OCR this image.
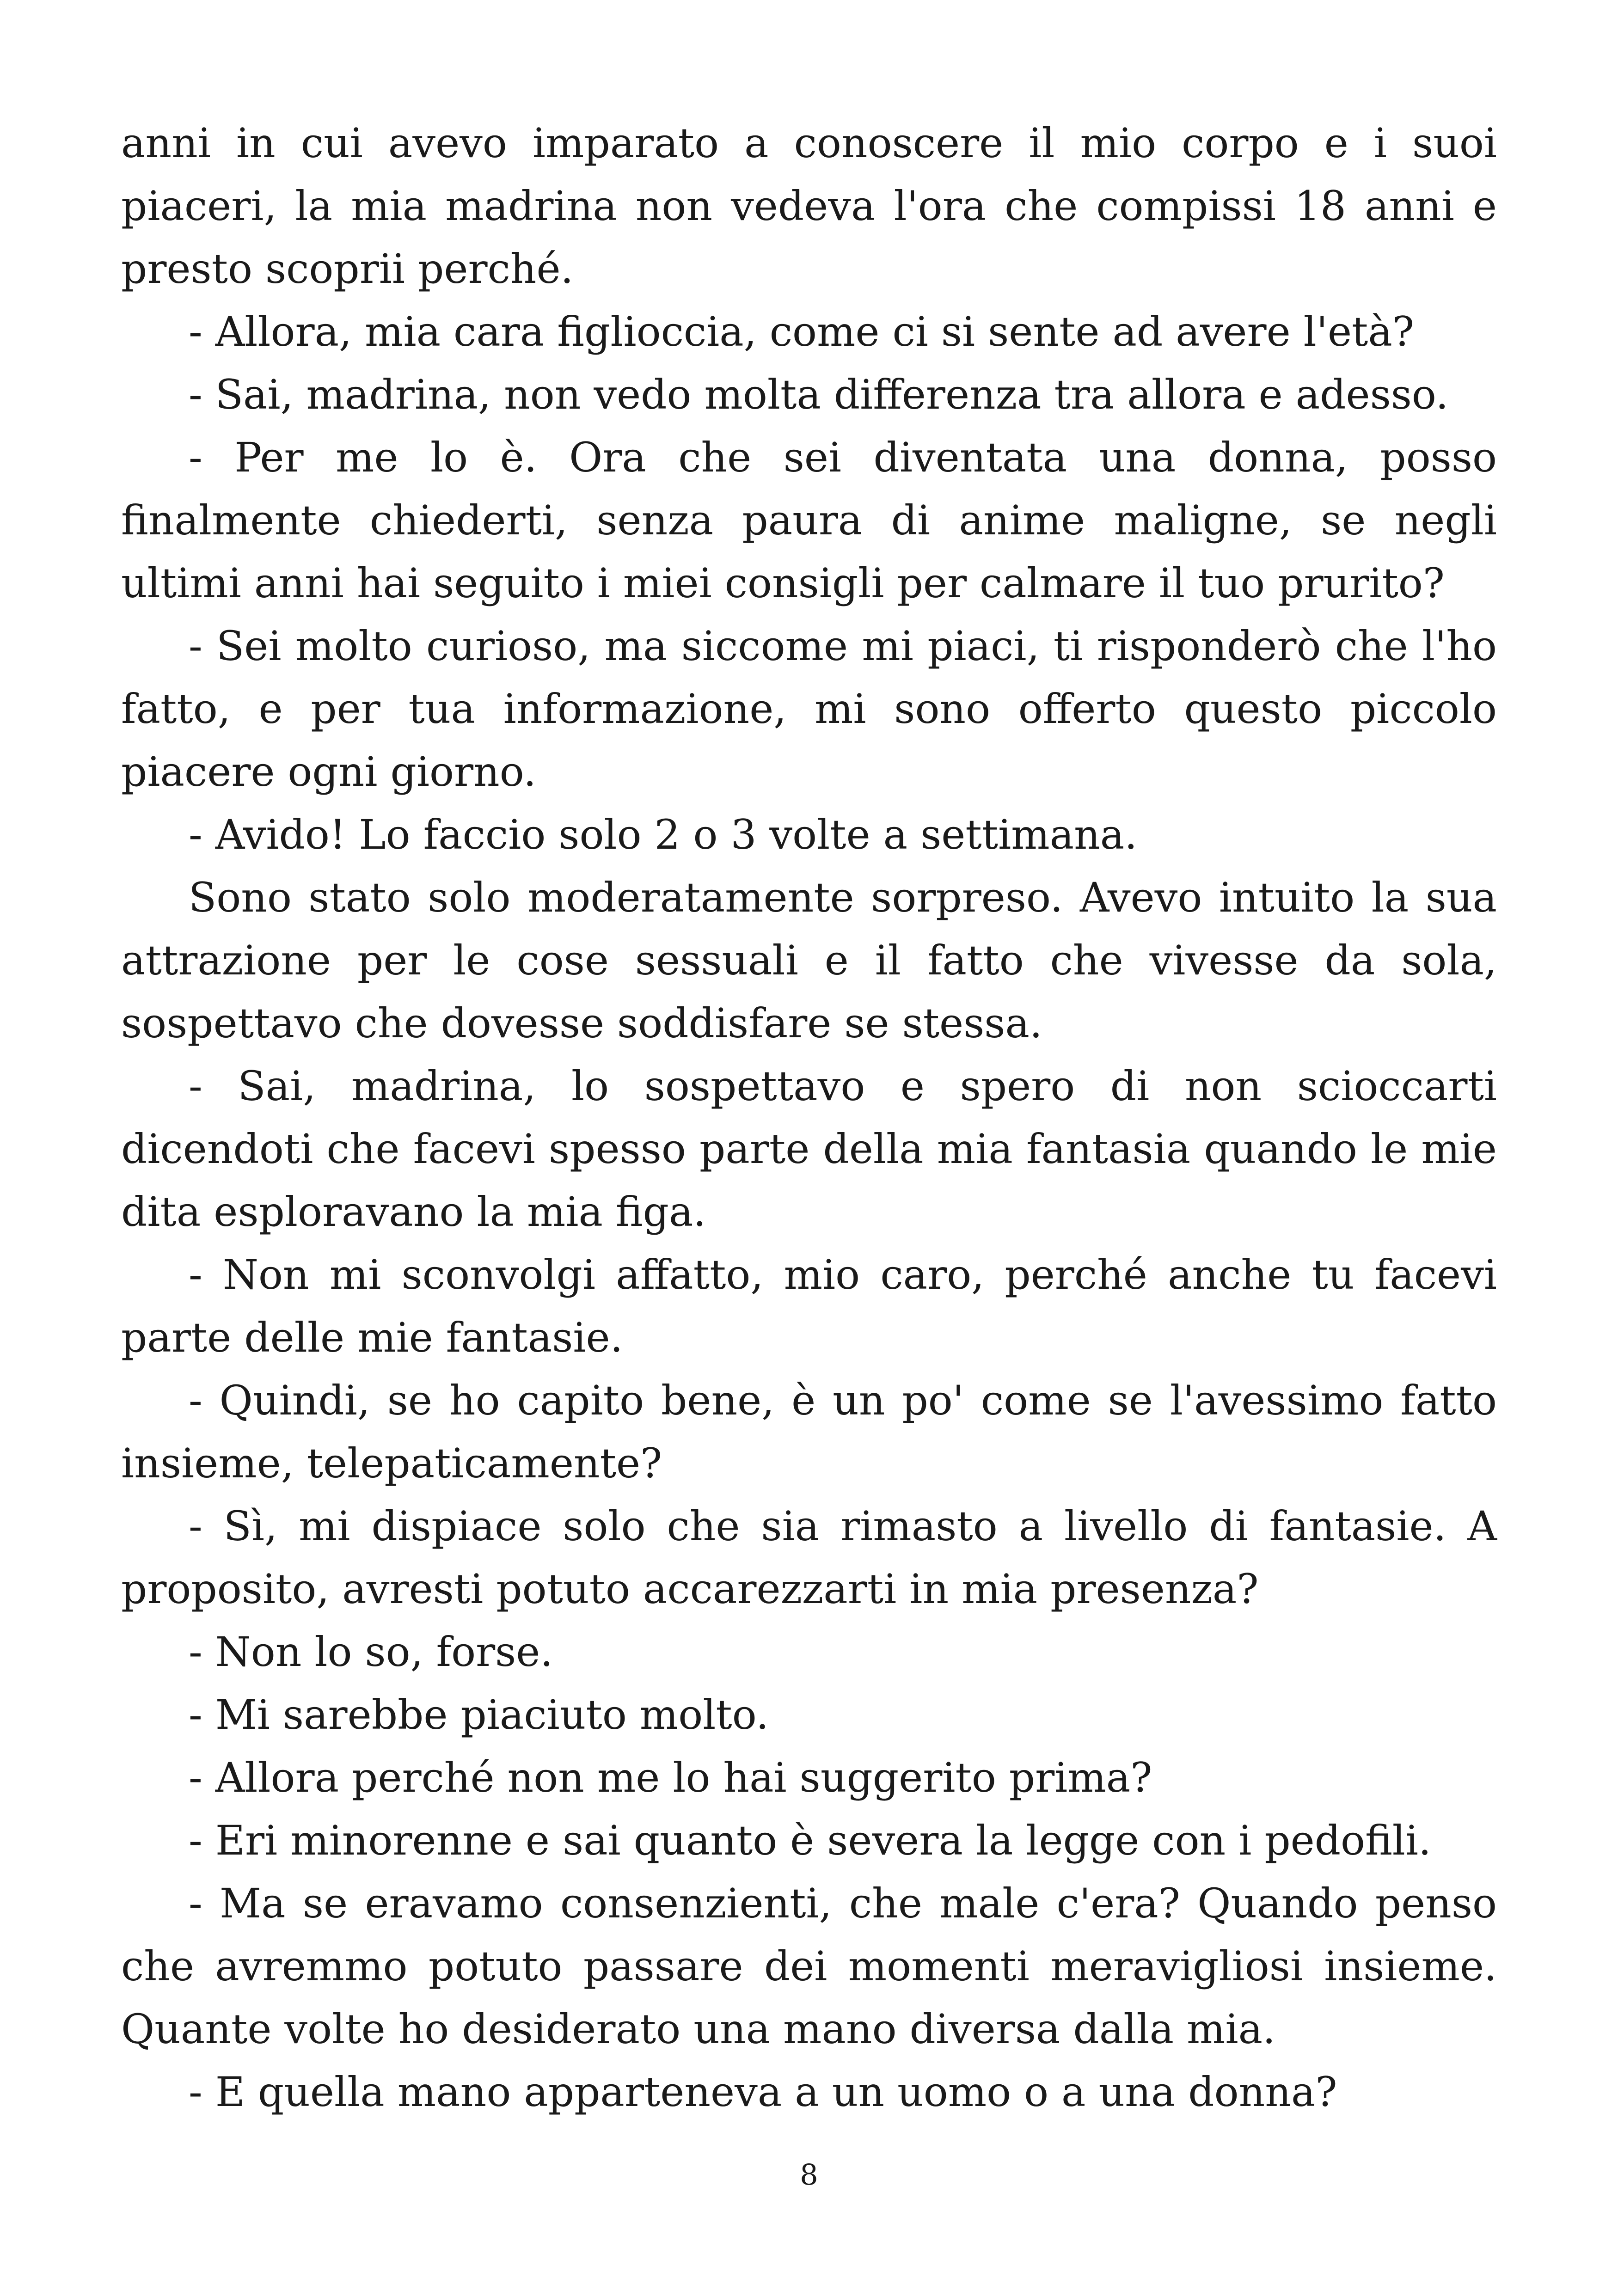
anni in cui avevo imparato a conoscere il mio corpo e i suoi piaceri, la mia madrina non vedeva l'ora che compissi 18 anni e presto scoprii perché.

- Allora, mia cara figlioccia, come ci si sente ad avere l'età?

- Sai, madrina, non vedo molta differenza tra allora e adesso.

- Per me lo è. Ora che sei diventata una donna, posso finalmente chiederti, senza paura di anime maligne, se negli ultimi anni hai seguito i miei consigli per calmare il tuo prurito?

- Sei molto curioso, ma siccome mi piaci, ti risponderò che l'ho fatto, e per tua informazione, mi sono offerto questo piccolo piacere ogni giorno.

- Avido! Lo faccio solo 2 o 3 volte a settimana.

Sono stato solo moderatamente sorpreso. Avevo intuito la sua attrazione per le cose sessuali e il fatto che vivesse da sola, sospettavo che dovesse soddisfare se stessa.

- Sai, madrina, lo sospettavo e spero di non scioccarti dicendoti che facevi spesso parte della mia fantasia quando le mie dita esploravano la mia figa.

- Non mi sconvolgi affatto, mio caro, perché anche tu facevi parte delle mie fantasie.

- Quindi, se ho capito bene, è un po' come se l'avessimo fatto insieme, telepaticamente?

- Sì, mi dispiace solo che sia rimasto a livello di fantasie. A proposito, avresti potuto accarezzarti in mia presenza?

- Non lo so, forse.

- Mi sarebbe piaciuto molto.

- Allora perché non me lo hai suggerito prima?

- Eri minorenne e sai quanto è severa la legge con i pedofili.

- Ma se eravamo consenzienti, che male c'era? Quando penso che avremmo potuto passare dei momenti meravigliosi insieme. Quante volte ho desiderato una mano diversa dalla mia.

- E quella mano apparteneva a un uomo o a una donna?

8
